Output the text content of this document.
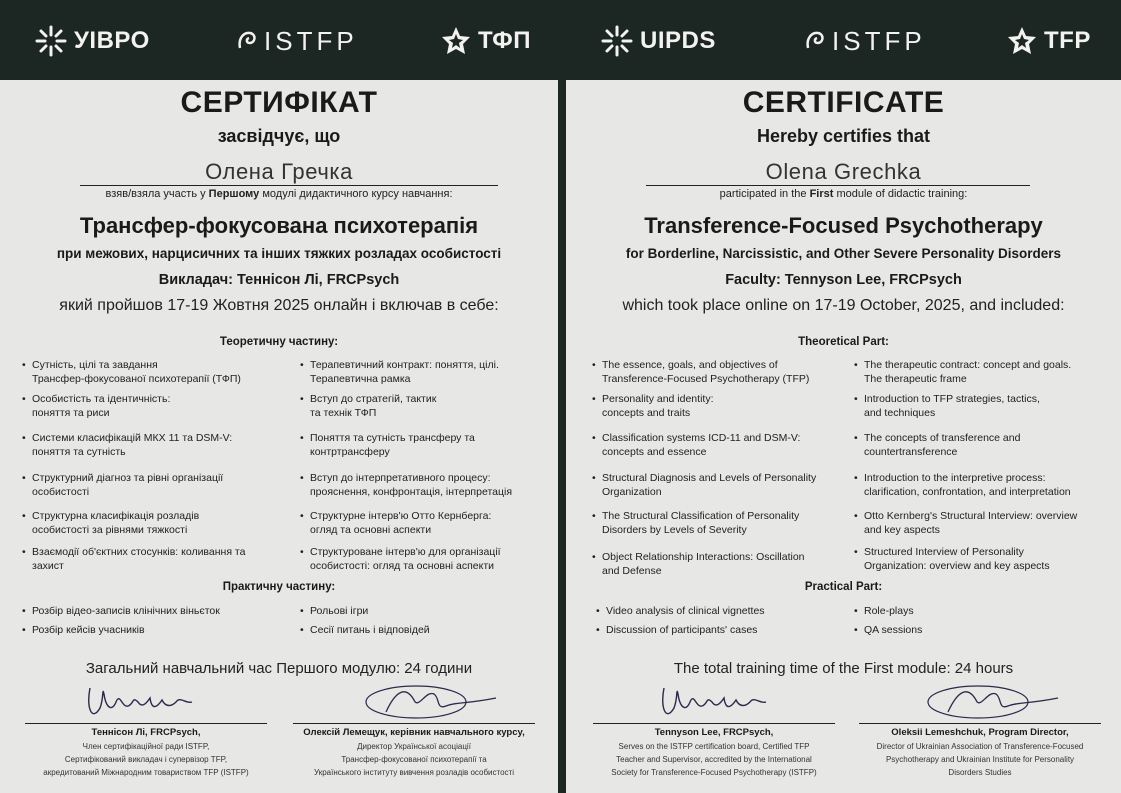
УІВРО	ISTFP	ТФП
СЕРТИФІКАТ
засвідчує, що
Олена Гречка
взяв/взяла участь у Першому модулі дидактичного курсу навчання:
Трансфер-фокусована психотерапія
при межових, нарцисичних та інших тяжких розладах особистості
Викладач: Теннісон Лі, FRCPsych
який пройшов 17-19 Жовтня 2025 онлайн і включав в себе:
Теоретичну частину:
• Сутність, цілі та завдання
Трансфер-фокусованої психотерапії (ТФП)
• Терапевтичний контракт: поняття, цілі.
Терапевтична рамка
• Особистість та ідентичність:
поняття та риси
• Вступ до стратегій, тактик
та технік ТФП
• Системи класифікацій МКХ 11 та DSM-V:
поняття та сутність
• Поняття та сутність трансферу та
контртрансферу
• Структурний діагноз та рівні організації
особистості
• Вступ до інтерпретативного процесу:
прояснення, конфронтація, інтерпретація
• Структурна класифікація розладів
особистості за рівнями тяжкості
• Структурне інтерв'ю Отто Кернберга:
огляд та основні аспекти
• Взаємодії об'єктних стосунків: коливання та
захист
• Структуроване інтерв'ю для організації
особистості: огляд та основні аспекти
Практичну частину:
• Розбір відео-записів клінічних віньєток	• Рольові ігри
• Розбір кейсів учасників	• Сесії питань і відповідей
Загальний навчальний час Першого модулю: 24 години
Теннісон Лі, FRCPsych,	Олексій Лемещук, керівник навчального курсу,
Член сертифікаційної ради ISTFP,
Сертифікований викладач і супервізор ТFP,
акредитований Міжнародним товариством ТFP (ISTFP)
Директор Української асоціації
Трансфер-фокусованої психотерапії та
Українського інституту вивчення розладів особистості
UIPDS	ISTFP	TFP
CERTIFICATE
Hereby certifies that
Olena Grechka
participated in the First module of didactic training:
Transference-Focused Psychotherapy
for Borderline, Narcissistic, and Other Severe Personality Disorders
Faculty: Tennyson Lee, FRCPsych
which took place online on 17-19 October, 2025, and included:
Theoretical Part:
• The essence, goals, and objectives of
Transference-Focused Psychotherapy (TFP)
• The therapeutic contract: concept and goals.
The therapeutic frame
• Personality and identity:
concepts and traits
• Introduction to TFP strategies, tactics,
and techniques
• Classification systems ICD-11 and DSM-V:
concepts and essence
• The concepts of transference and
countertransference
• Structural Diagnosis and Levels of Personality
Organization
• Introduction to the interpretive process:
clarification, confrontation, and interpretation
• The Structural Classification of Personality
Disorders by Levels of Severity
• Otto Kernberg's Structural Interview: overview
and key aspects
• Object Relationship Interactions: Oscillation
and Defense
• Structured Interview of Personality
Organization: overview and key aspects
Practical Part:
• Video analysis of clinical vignettes	• Role-plays
• Discussion of participants' cases	• QA sessions
The total training time of the First module: 24 hours
Tennyson Lee, FRCPsych,	Oleksii Lemeshchuk, Program Director,
Serves on the ISTFP certification board, Certified TFP
Teacher and Supervisor, accredited by the International
Society for Transference-Focused Psychotherapy (ISTFP)
Director of Ukrainian Association of Transference-Focused
Psychotherapy and Ukrainian Institute for Personality
Disorders Studies
